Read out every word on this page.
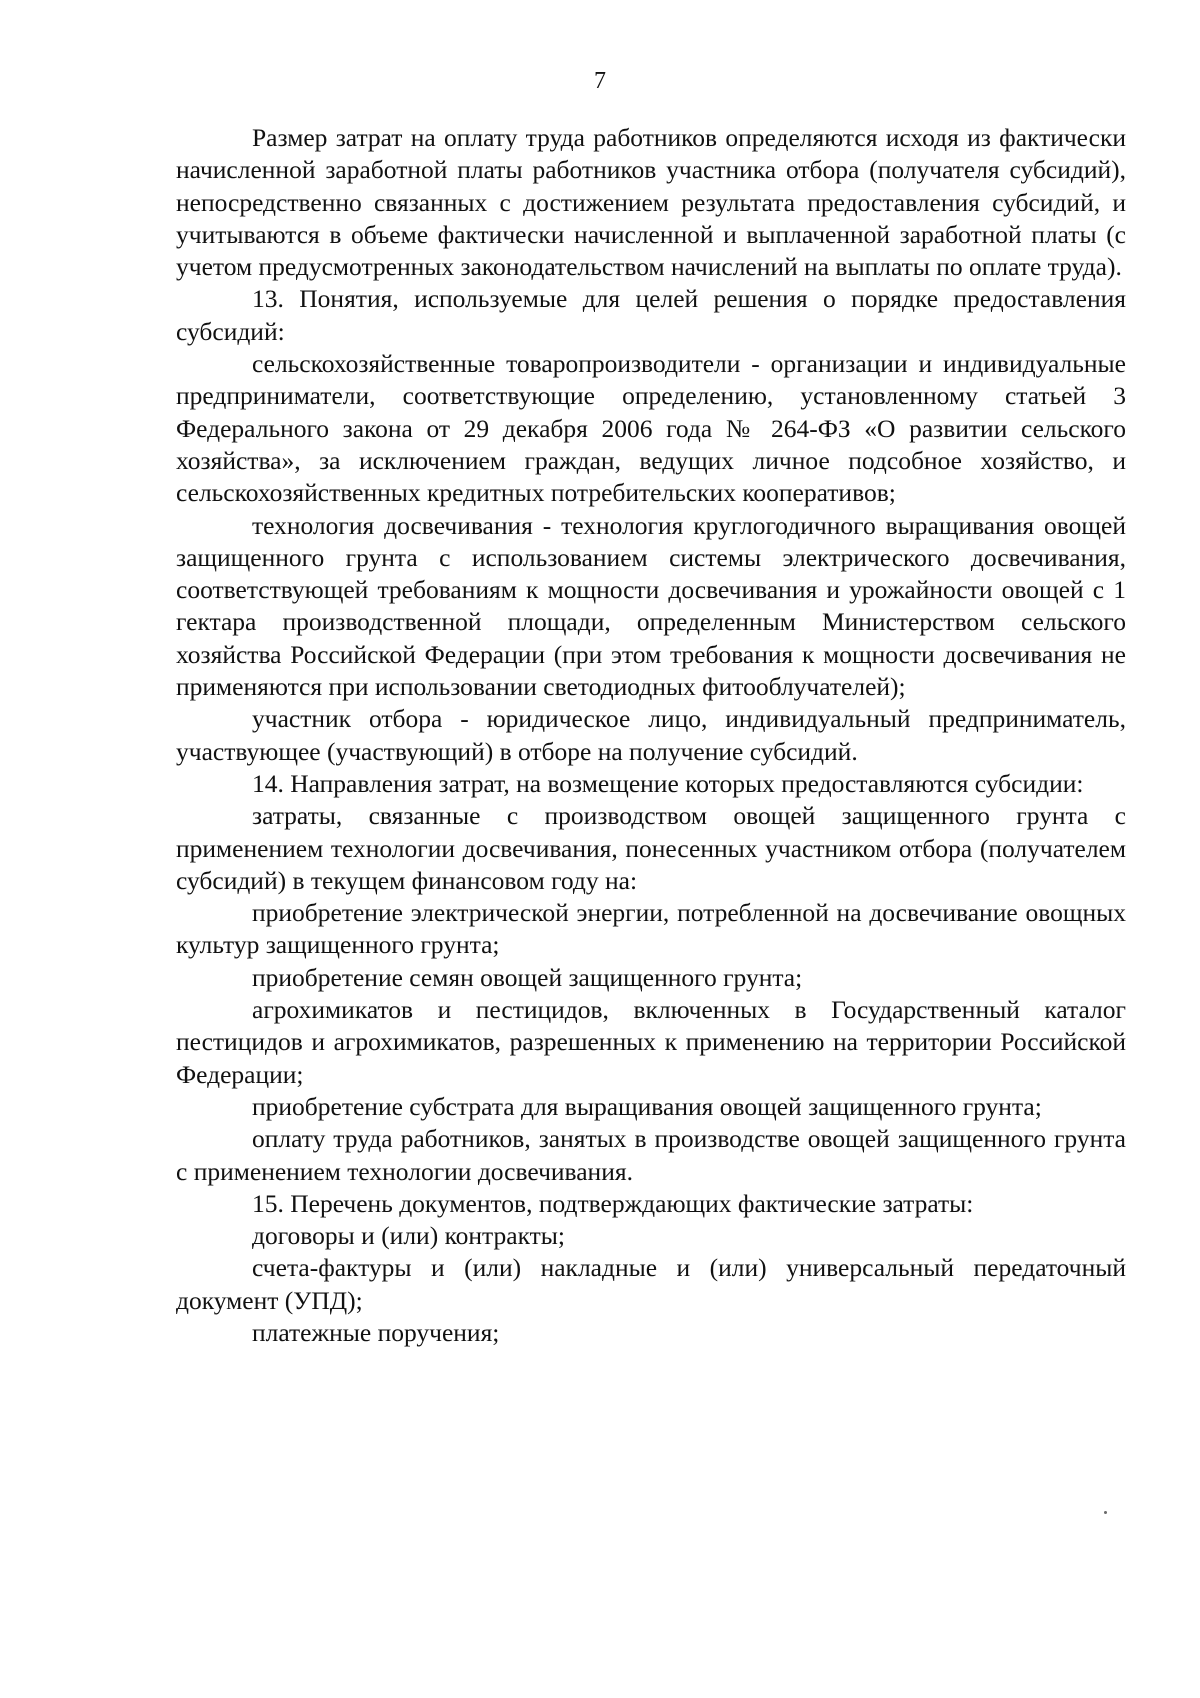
7

Размер затрат на оплату труда работников определяются исходя из фактически начисленной заработной платы работников участника отбора (получателя субсидий), непосредственно связанных с достижением результата предоставления субсидий, и учитываются в объеме фактически начисленной и выплаченной заработной платы (с учетом предусмотренных законодательством начислений на выплаты по оплате труда).

13. Понятия, используемые для целей решения о порядке предоставления субсидий:

сельскохозяйственные товаропроизводители - организации и индивидуальные предприниматели, соответствующие определению, установленному статьей 3 Федерального закона от 29 декабря 2006 года № 264-ФЗ «О развитии сельского хозяйства», за исключением граждан, ведущих личное подсобное хозяйство, и сельскохозяйственных кредитных потребительских кооперативов;

технология досвечивания - технология круглогодичного выращивания овощей защищенного грунта с использованием системы электрического досвечивания, соответствующей требованиям к мощности досвечивания и урожайности овощей с 1 гектара производственной площади, определенным Министерством сельского хозяйства Российской Федерации (при этом требования к мощности досвечивания не применяются при использовании светодиодных фитооблучателей);

участник отбора - юридическое лицо, индивидуальный предприниматель, участвующее (участвующий) в отборе на получение субсидий.

14. Направления затрат, на возмещение которых предоставляются субсидии:

затраты, связанные с производством овощей защищенного грунта с применением технологии досвечивания, понесенных участником отбора (получателем субсидий) в текущем финансовом году на:

приобретение электрической энергии, потребленной на досвечивание овощных культур защищенного грунта;

приобретение семян овощей защищенного грунта;

агрохимикатов и пестицидов, включенных в Государственный каталог пестицидов и агрохимикатов, разрешенных к применению на территории Российской Федерации;

приобретение субстрата для выращивания овощей защищенного грунта;

оплату труда работников, занятых в производстве овощей защищенного грунта с применением технологии досвечивания.

15. Перечень документов, подтверждающих фактические затраты:

договоры и (или) контракты;

счета-фактуры и (или) накладные и (или) универсальный передаточный документ (УПД);

платежные поручения;
